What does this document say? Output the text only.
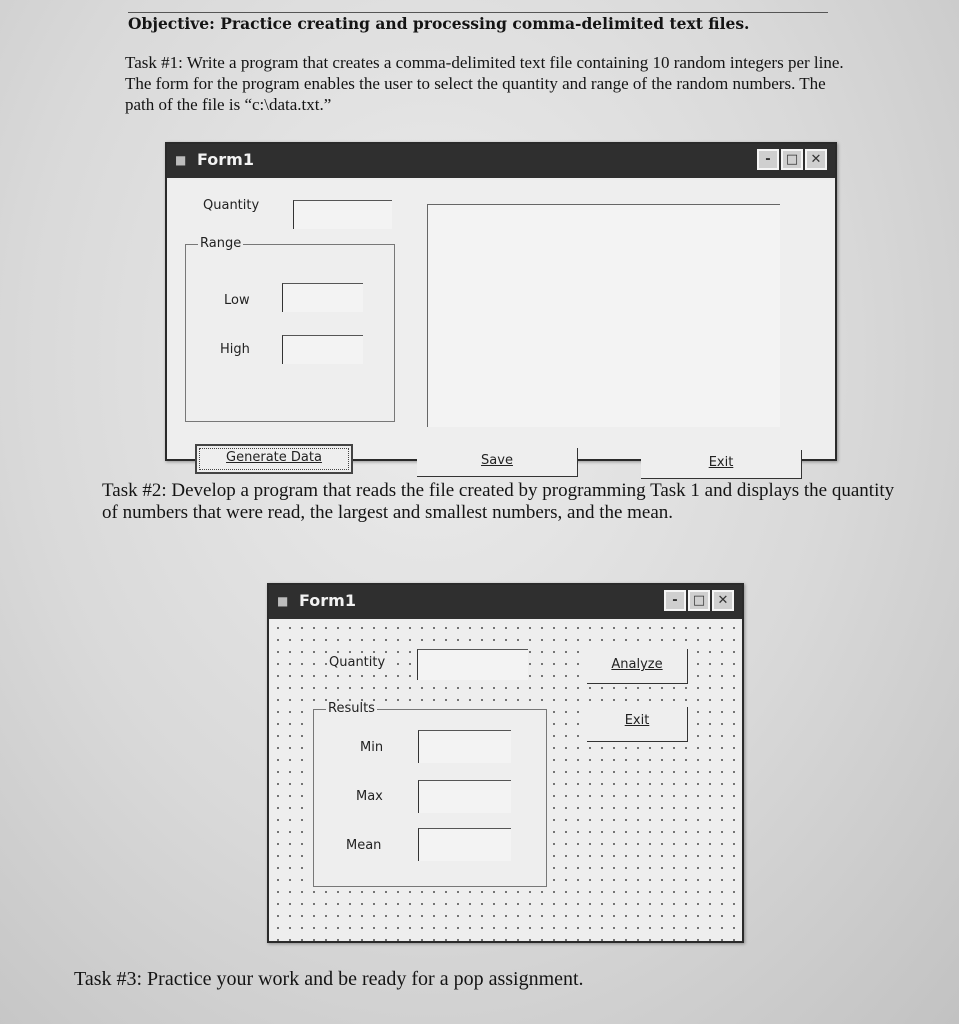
Objective: Practice creating and processing comma-delimited text files.
Task #1: Write a program that creates a comma-delimited text file containing 10 random integers per line. The form for the program enables the user to select the quantity and range of the random numbers. The path of the file is “c:\data.txt.”
■ Form1	-	□ ✕
Quantity
Range
Low
High
Generate Data	Save	Exit
Task #2: Develop a program that reads the file created by programming Task 1 and displays the quantity of numbers that were read, the largest and smallest numbers, and the mean.
■ Form1	-	□ ✕
Quantity	Analyze
Exit
Results
Min
Max
Mean
Task #3: Practice your work and be ready for a pop assignment.
